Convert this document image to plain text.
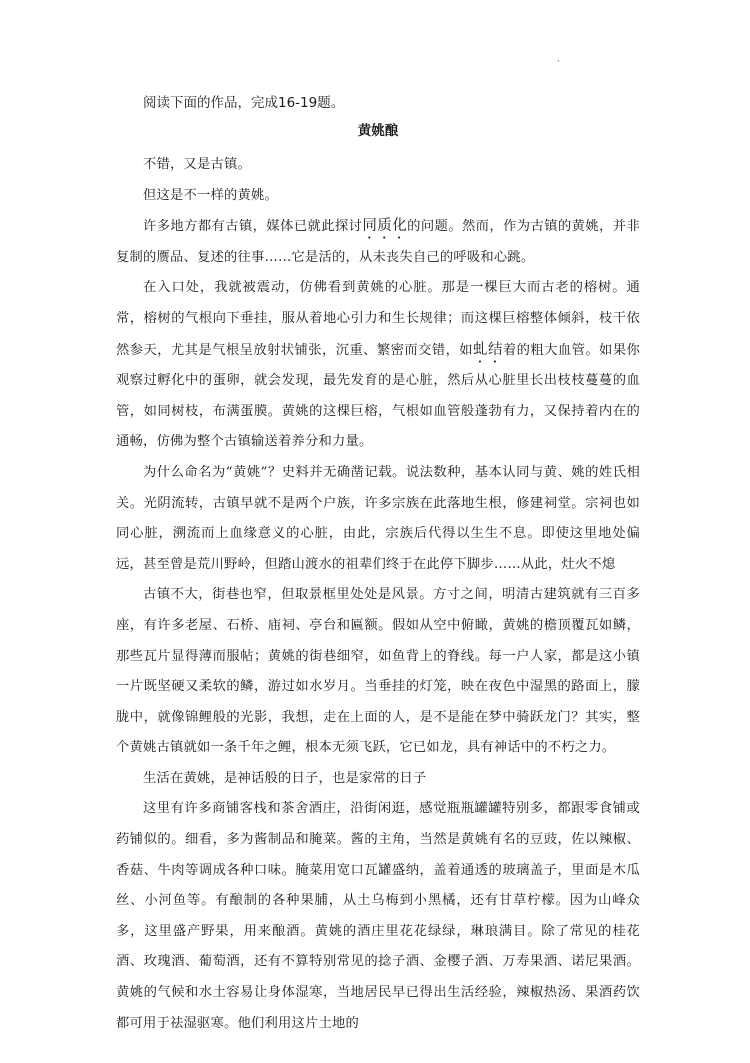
·
阅读下面的作品，完成16-19题。
黄姚酿

不错，又是古镇。

但这是不一样的黄姚。

许多地方都有古镇，媒体已就此探讨同质化的问题。然而，作为古镇的黄姚，并非复制的赝品、复述的往事……它是活的，从未丧失自己的呼吸和心跳。

在入口处，我就被震动，仿佛看到黄姚的心脏。那是一棵巨大而古老的榕树。通常，榕树的气根向下垂挂，服从着地心引力和生长规律；而这棵巨榕整体倾斜，枝干依然参天，尤其是气根呈放射状铺张，沉重、繁密而交错，如虬结着的粗大血管。如果你观察过孵化中的蛋卵，就会发现，最先发育的是心脏，然后从心脏里长出枝枝蔓蔓的血管，如同树枝，布满蛋膜。黄姚的这棵巨榕，气根如血管般蓬勃有力，又保持着内在的通畅，仿佛为整个古镇输送着养分和力量。

为什么命名为“黄姚”？史料并无确凿记载。说法数种，基本认同与黄、姚的姓氏相关。光阴流转，古镇早就不是两个户族，许多宗族在此落地生根，修建祠堂。宗祠也如同心脏，溯流而上血缘意义的心脏，由此，宗族后代得以生生不息。即使这里地处偏远，甚至曾是荒川野岭，但踏山渡水的祖辈们终于在此停下脚步……从此，灶火不熄

古镇不大，街巷也窄，但取景框里处处是风景。方寸之间，明清古建筑就有三百多座，有许多老屋、石桥、庙祠、亭台和匾额。假如从空中俯瞰，黄姚的檐顶覆瓦如鳞，那些瓦片显得薄而服帖；黄姚的街巷细窄，如鱼背上的脊线。每一户人家，都是这小镇一片既坚硬又柔软的鳞，游过如水岁月。当垂挂的灯笼，映在夜色中湿黑的路面上，朦胧中，就像锦鲤般的光影，我想，走在上面的人，是不是能在梦中骑跃龙门？其实，整个黄姚古镇就如一条千年之鲤，根本无须飞跃，它已如龙，具有神话中的不朽之力。

生活在黄姚，是神话般的日子，也是家常的日子

这里有许多商铺客栈和茶舍酒庄，沿街闲逛，感觉瓶瓶罐罐特别多，都跟零食铺或药铺似的。细看，多为酱制品和腌菜。酱的主角，当然是黄姚有名的豆豉，佐以辣椒、香菇、牛肉等调成各种口味。腌菜用宽口瓦罐盛纳，盖着通透的玻璃盖子，里面是木瓜丝、小河鱼等。有酿制的各种果脯，从土乌梅到小黑橘，还有甘草柠檬。因为山峰众多，这里盛产野果，用来酿酒。黄姚的酒庄里花花绿绿，琳琅满目。除了常见的桂花酒、玫瑰酒、葡萄酒，还有不算特别常见的捻子酒、金樱子酒、万寿果酒、诺尼果酒。黄姚的气候和水土容易让身体湿寒，当地居民早已得出生活经验，辣椒热汤、果酒药饮都可用于祛湿驱寒。他们利用这片土地的
